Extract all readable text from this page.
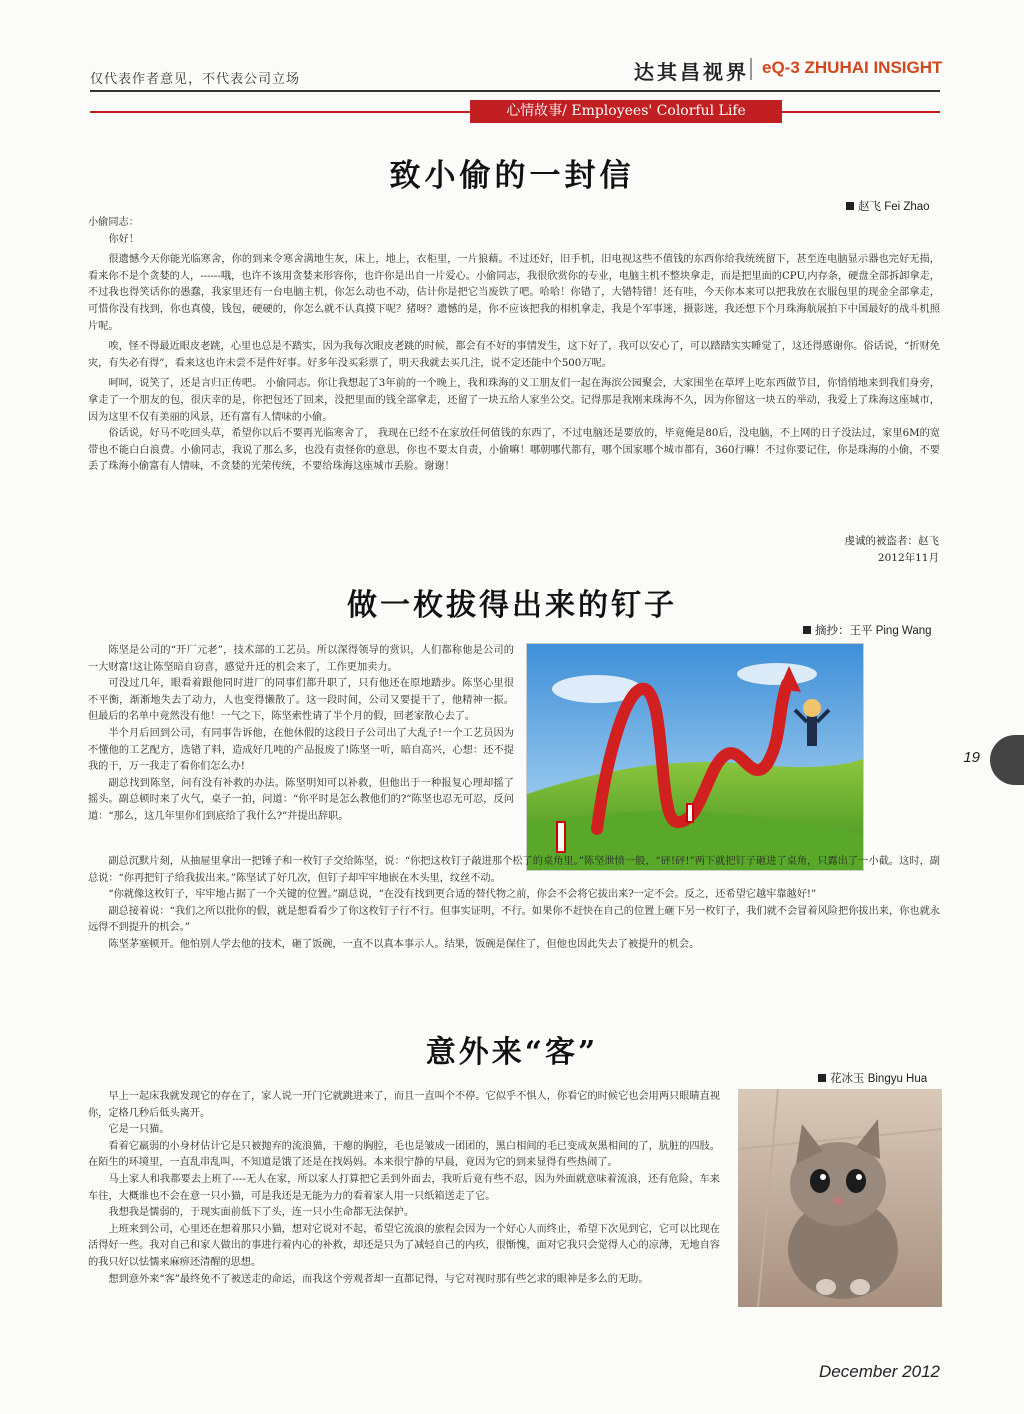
仅代表作者意见，不代表公司立场	达其昌视界 eQ-3 ZHUHAI INSIGHT
心情故事/ Employees' Colorful Life
致小偷的一封信
赵飞 Fei Zhao

小偷同志：

你好！

很遗憾今天你能光临寒舍，你的到来令寒舍满地生灰，床上，地上，衣柜里，一片狼藉。不过还好，旧手机，旧电视这些不值钱的东西你给我统统留下，甚至连电脑显示器也完好无损，看来你不是个贪婪的人，------哦，也许不该用贪婪来形容你，也许你是出自一片爱心。小偷同志，我很欣赏你的专业，电脑主机不整块拿走，而是把里面的CPU,内存条，硬盘全部拆卸拿走，不过我也得笑话你的愚蠢，我家里还有一台电脑主机，你怎么动也不动，估计你是把它当废铁了吧。哈哈！你错了，大错特错！还有哇，今天你本来可以把我放在衣服包里的现金全部拿走，可惜你没有找到，你也真傻，钱包，硬硬的，你怎么就不认真摸下呢？猪呀？遗憾的是，你不应该把我的相机拿走，我是个军事迷，摄影迷，我还想下个月珠海航展拍下中国最好的战斗机照片呢。

唉，怪不得最近眼皮老跳，心里也总是不踏实，因为我每次眼皮老跳的时候，都会有不好的事情发生，这下好了，我可以安心了，可以踏踏实实睡觉了，这还得感谢你。俗话说，“折财免灾，有失必有得”，看来这也许未尝不是件好事。好多年没买彩票了，明天我就去买几注，说不定还能中个500万呢。

呵呵，说笑了，还是言归正传吧。 小偷同志。你让我想起了3年前的一个晚上，我和珠海的义工朋友们一起在海滨公园聚会，大家围坐在草坪上吃东西做节目，你悄悄地来到我们身旁，拿走了一个朋友的包，很庆幸的是，你把包还了回来，没把里面的钱全部拿走，还留了一块五给人家坐公交。记得那是我刚来珠海不久，因为你留这一块五的举动，我爱上了珠海这座城市，因为这里不仅有美丽的风景，还有富有人情味的小偷。

俗话说，好马不吃回头草，希望你以后不要再光临寒舍了， 我现在已经不在家放任何值钱的东西了，不过电脑还是要放的，毕竟俺是80后，没电脑，不上网的日子没法过，家里6M的宽带也不能白白浪费。小偷同志，我说了那么多，也没有责怪你的意思，你也不要太自责，小偷嘛！哪朝哪代都有，哪个国家哪个城市都有，360行嘛！不过你要记住，你是珠海的小偷，不要丢了珠海小偷富有人情味，不贪婪的光荣传统，不要给珠海这座城市丢脸。谢谢！

虔诚的被盗者：赵飞
2012年11月
做一枚拔得出来的钉子
摘抄：王平 Ping Wang

陈坚是公司的“开厂元老”，技术部的工艺员。所以深得领导的赏识，人们都称他是公司的一大财富!这让陈坚暗自窃喜，感觉升迁的机会来了，工作更加卖力。

可没过几年，眼看着跟他同时进厂的同事们都升职了，只有他还在原地踏步。陈坚心里很不平衡，渐渐地失去了动力，人也变得懒散了。这一段时间，公司又要提干了，他精神一振。但最后的名单中竟然没有他！一气之下，陈坚索性请了半个月的假，回老家散心去了。

半个月后回到公司，有同事告诉他，在他休假的这段日子公司出了大乱子!一个工艺员因为不懂他的工艺配方，选错了料，造成好几吨的产品报废了!陈坚一听，暗自高兴，心想：还不提我的干，万一我走了看你们怎么办!

副总找到陈坚，问有没有补救的办法。陈坚明知可以补救，但他出于一种报复心理却摇了摇头。副总顿时来了火气，桌子一拍，问道：“你平时是怎么教他们的?”陈坚也忍无可忍，反问道：“那么，这几年里你们到底给了我什么?”并提出辞职。

副总沉默片刻，从抽屉里拿出一把锤子和一枚钉子交给陈坚，说：“你把这枚钉子敲进那个松了的桌角里。”陈坚泄愤一般，“砰!砰!”两下就把钉子砸进了桌角，只露出了一小截。这时，副总说：“你再把钉子给我拔出来。”陈坚试了好几次，但钉子却牢牢地嵌在木头里，纹丝不动。

“你就像这枚钉子，牢牢地占据了一个关键的位置。”副总说，“在没有找到更合适的替代物之前，你会不会将它拔出来?一定不会。反之，还希望它越牢靠越好!”

副总接着说：“我们之所以批你的假，就是想看看少了你这枚钉子行不行。但事实证明，不行。如果你不赶快在自己的位置上砸下另一枚钉子，我们就不会冒着风险把你拔出来，你也就永远得不到提升的机会。”

陈坚茅塞顿开。他怕别人学去他的技术，砸了饭碗，一直不以真本事示人。结果，饭碗是保住了，但他也因此失去了被提升的机会。

意外来“客”
花冰玉 Bingyu Hua

早上一起床我就发现它的存在了，家人说一开门它就跳进来了，而且一直叫个不停。它似乎不惧人，你看它的时候它也会用两只眼睛直视你，定格几秒后低头离开。

它是一只猫。

看着它羸弱的小身材估计它是只被抛弃的流浪猫，干瘪的胸腔，毛也是皱成一团团的，黑白相间的毛已变成灰黑相间的了，肮脏的四肢。在陌生的环境里，一直乱串乱叫，不知道是饿了还是在找妈妈。本来很宁静的早晨，竟因为它的到来显得有些热闹了。

马上家人和我都要去上班了----无人在家，所以家人打算把它丢到外面去，我听后竟有些不忍，因为外面就意味着流浪，还有危险，车来车往，大概谁也不会在意一只小猫，可是我还是无能为力的看着家人用一只纸箱送走了它。

我想我是懦弱的，于现实面前低下了头，连一只小生命都无法保护。

上班来到公司，心里还在想着那只小猫，想对它说对不起，希望它流浪的旅程会因为一个好心人而终止，希望下次见到它，它可以比现在活得好一些。我对自己和家人做出的事进行着内心的补救，却还是只为了减轻自己的内疚，很惭愧，面对它我只会觉得人心的凉薄，无地自容的我只好以怯懦来麻痹还清醒的思想。

想到意外来“客”最终免不了被送走的命运，而我这个旁观者却一直都记得，与它对视时那有些乞求的眼神是多么的无助。

19
December 2012
